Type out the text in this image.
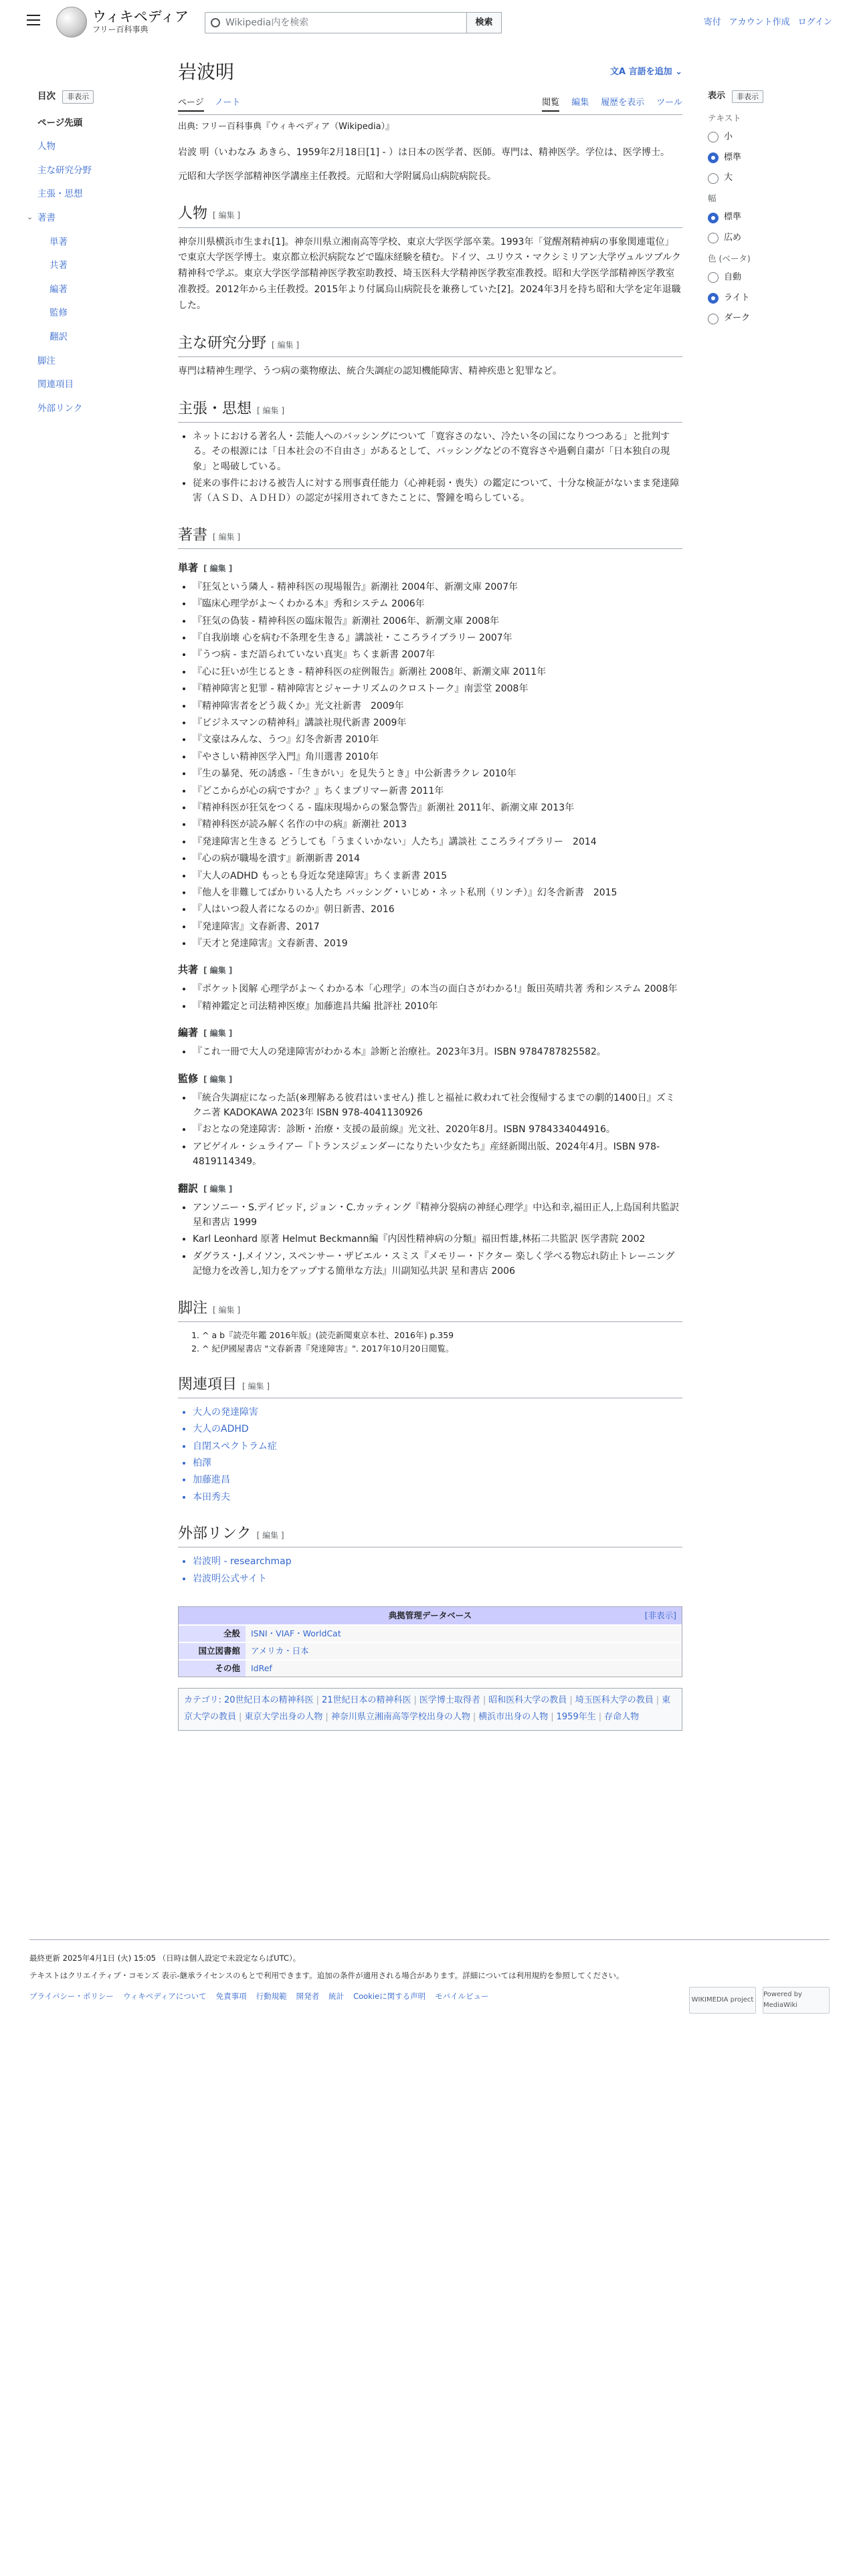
ウィキペディア
フリー百科事典
Wikipedia内を検索	検索	寄付 アカウント作成 ログイン
目次	非表示
ページ先頭
人物
主な研究分野
主張・思想
⌄ 著書
単著
共著
編著
監修
翻訳
脚注
関連項目
外部リンク
岩波明	文A 言語を追加 ⌄
ページ ノート	閲覧 編集 履歴を表示 ツール
出典: フリー百科事典『ウィキペディア（Wikipedia）』

岩波 明（いわなみ あきら、1959年2月18日[1] - ）は日本の医学者、医師。専門は、精神医学。学位は、医学博士。

元昭和大学医学部精神医学講座主任教授。元昭和大学附属烏山病院病院長。

人物 [ 編集 ]

神奈川県横浜市生まれ[1]。神奈川県立湘南高等学校、東京大学医学部卒業。1993年「覚醒剤精神病の事象関連電位」で東京大学医学博士。東京都立松沢病院などで臨床経験を積む。ドイツ、ユリウス・マクシミリアン大学ヴュルツブルク精神科で学ぶ。東京大学医学部精神医学教室助教授、埼玉医科大学精神医学教室准教授。昭和大学医学部精神医学教室准教授。2012年から主任教授。2015年より付属烏山病院長を兼務していた[2]。2024年3月を持ち昭和大学を定年退職した。

主な研究分野 [ 編集 ]

専門は精神生理学、うつ病の薬物療法、統合失調症の認知機能障害、精神疾患と犯罪など。

主張・思想 [ 編集 ]
• ネットにおける著名人・芸能人へのバッシングについて「寛容さのない、冷たい冬の国になりつつある」と批判する。その根源には「日本社会の不自由さ」があるとして、バッシングなどの不寛容さや過剰自粛が「日本独自の現象」と喝破している。
• 従来の事件における被告人に対する刑事責任能力（心神耗弱・喪失）の鑑定について、十分な検証がないまま発達障害（ＡＳＤ、ＡＤＨＤ）の認定が採用されてきたことに、警鐘を鳴らしている。
著書 [ 編集 ]
単著 [ 編集 ]
• 『狂気という隣人 - 精神科医の現場報告』新潮社 2004年、新潮文庫 2007年
• 『臨床心理学がよ〜くわかる本』秀和システム 2006年
• 『狂気の偽装 - 精神科医の臨床報告』新潮社 2006年、新潮文庫 2008年
• 『自我崩壊 心を病む不条理を生きる』講談社・こころライブラリー 2007年
• 『うつ病 - まだ語られていない真実』ちくま新書 2007年
• 『心に狂いが生じるとき - 精神科医の症例報告』新潮社 2008年、新潮文庫 2011年
• 『精神障害と犯罪 - 精神障害とジャーナリズムのクロストーク』南雲堂 2008年
• 『精神障害者をどう裁くか』光文社新書　2009年
• 『ビジネスマンの精神科』講談社現代新書 2009年
• 『文豪はみんな、うつ』幻冬舎新書 2010年
• 『やさしい精神医学入門』角川選書 2010年
• 『生の暴発、死の誘惑 -「生きがい」を見失うとき』中公新書ラクレ 2010年
• 『どこからが心の病ですか？』ちくまプリマー新書 2011年
• 『精神科医が狂気をつくる - 臨床現場からの緊急警告』新潮社 2011年、新潮文庫 2013年
• 『精神科医が読み解く名作の中の病』新潮社 2013
• 『発達障害と生きる どうしても「うまくいかない」人たち』講談社 こころライブラリー　2014
• 『心の病が職場を潰す』新潮新書 2014
• 『大人のADHD もっとも身近な発達障害』ちくま新書 2015
• 『他人を非難してばかりいる人たち バッシング・いじめ・ネット私刑（リンチ）』幻冬舎新書　2015
• 『人はいつ殺人者になるのか』朝日新書、2016
• 『発達障害』文春新書、2017
• 『天才と発達障害』文春新書、2019
共著 [ 編集 ]
• 『ポケット図解 心理学がよ〜くわかる本「心理学」の本当の面白さがわかる!』飯田英晴共著 秀和システム 2008年
• 『精神鑑定と司法精神医療』加藤進昌共編 批評社 2010年
編著 [ 編集 ]
• 『これ一冊で大人の発達障害がわかる本』診断と治療社。2023年3月。ISBN 9784787825582。
監修 [ 編集 ]
• 『統合失調症になった話(※理解ある彼君はいません) 推しと福祉に救われて社会復帰するまでの劇的1400日』ズミクニ著 KADOKAWA 2023年 ISBN 978-4041130926
• 『おとなの発達障害：診断・治療・支援の最前線』光文社、2020年8月。ISBN 9784334044916。
• アビゲイル・シュライアー『トランスジェンダーになりたい少女たち』産経新聞出版、2024年4月。ISBN 978-4819114349。
翻訳 [ 編集 ]
• アンソニー・S.デイビッド, ジョン・C.カッティング『精神分裂病の神経心理学』中込和幸,福田正人,上島国利共監訳 星和書店 1999
• Karl Leonhard 原著 Helmut Beckmann編『内因性精神病の分類』福田哲雄,林拓二共監訳 医学書院 2002
• ダグラス・J.メイソン, スペンサー・ザビエル・スミス『メモリー・ドクター 楽しく学べる物忘れ防止トレーニング 記憶力を改善し,知力をアップする簡単な方法』川副知弘共訳 星和書店 2006
脚注 [ 編集 ]
1. ^ a b『読売年鑑 2016年版』(読売新聞東京本社、2016年) p.359
2. ^ 紀伊國屋書店 "文春新書『発達障害』". 2017年10月20日閲覧。
関連項目 [ 編集 ]
• 大人の発達障害
• 大人のADHD
• 自閉スペクトラム症
• 柏澤
• 加藤進昌
• 本田秀夫
外部リンク [ 編集 ]
• 岩波明 - researchmap
• 岩波明公式サイト
典拠管理データベース	[非表示]
全般	ISNI・VIAF・WorldCat
国立図書館	アメリカ・日本
その他	IdRef
カテゴリ: 20世紀日本の精神科医 | 21世紀日本の精神科医 | 医学博士取得者 | 昭和医科大学の教員 | 埼玉医科大学の教員 | 東京大学の教員 | 東京大学出身の人物 | 神奈川県立湘南高等学校出身の人物 | 横浜市出身の人物 | 1959年生 | 存命人物
表示	非表示
テキスト
小
標準
大
幅
標準
広め
色 (ベータ)
自動
ライト
ダーク
最終更新 2025年4月1日 (火) 15:05 （日時は個人設定で未設定ならばUTC）。
テキストはクリエイティブ・コモンズ 表示-継承ライセンスのもとで利用できます。追加の条件が適用される場合があります。詳細については利用規約を参照してください。
プライバシー・ポリシー ウィキペディアについて 免責事項 行動規範 開発者 統計 Cookieに関する声明 モバイルビュー	WIKIMEDIA project
Powered by MediaWiki
